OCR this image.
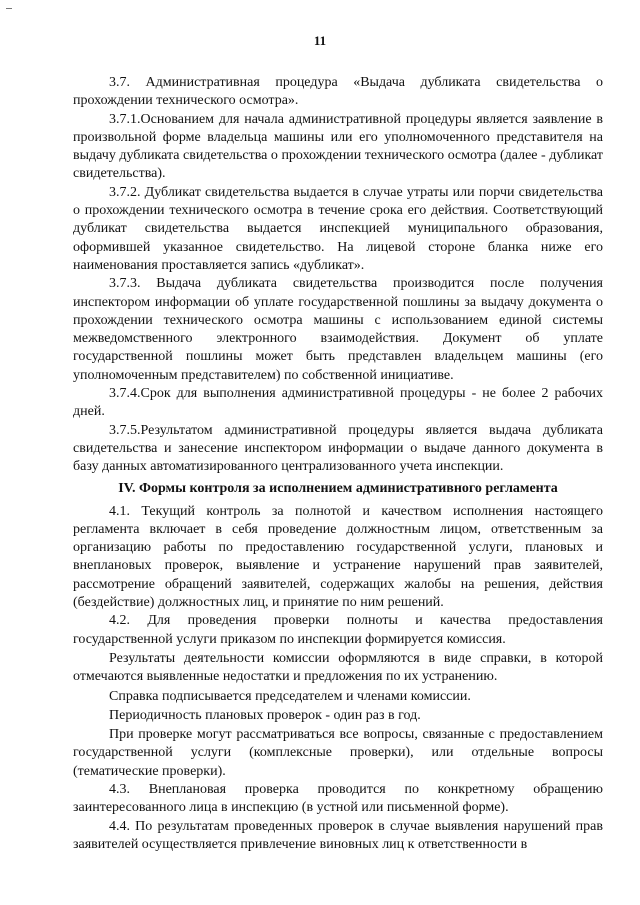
11

3.7. Административная процедура «Выдача дубликата свидетельства о прохождении технического осмотра».

3.7.1.Основанием для начала административной процедуры является заявление в произвольной форме владельца машины или его уполномоченного представителя на выдачу дубликата свидетельства о прохождении технического осмотра (далее - дубликат свидетельства).

3.7.2. Дубликат свидетельства выдается в случае утраты или порчи свидетельства о прохождении технического осмотра в течение срока его действия. Соответствующий дубликат свидетельства выдается инспекцией муниципального образования, оформившей указанное свидетельство. На лицевой стороне бланка ниже его наименования проставляется запись «дубликат».

3.7.3. Выдача дубликата свидетельства производится после получения инспектором информации об уплате государственной пошлины за выдачу документа о прохождении технического осмотра машины с использованием единой системы межведомственного электронного взаимодействия. Документ об уплате государственной пошлины может быть представлен владельцем машины (его уполномоченным представителем) по собственной инициативе.

3.7.4.Срок для выполнения административной процедуры - не более 2 рабочих дней.

3.7.5.Результатом административной процедуры является выдача дубликата свидетельства и занесение инспектором информации о выдаче данного документа в базу данных автоматизированного централизованного учета инспекции.

IV. Формы контроля за исполнением административного регламента

4.1. Текущий контроль за полнотой и качеством исполнения настоящего регламента включает в себя проведение должностным лицом, ответственным за организацию работы по предоставлению государственной услуги, плановых и внеплановых проверок, выявление и устранение нарушений прав заявителей, рассмотрение обращений заявителей, содержащих жалобы на решения, действия (бездействие) должностных лиц, и принятие по ним решений.

4.2. Для проведения проверки полноты и качества предоставления государственной услуги приказом по инспекции формируется комиссия.

Результаты деятельности комиссии оформляются в виде справки, в которой отмечаются выявленные недостатки и предложения по их устранению.

Справка подписывается председателем и членами комиссии.

Периодичность плановых проверок - один раз в год.

При проверке могут рассматриваться все вопросы, связанные с предоставлением государственной услуги (комплексные проверки), или отдельные вопросы (тематические проверки).

4.3. Внеплановая проверка проводится по конкретному обращению заинтересованного лица в инспекцию (в устной или письменной форме).

4.4. По результатам проведенных проверок в случае выявления нарушений прав заявителей осуществляется привлечение виновных лиц к ответственности в
